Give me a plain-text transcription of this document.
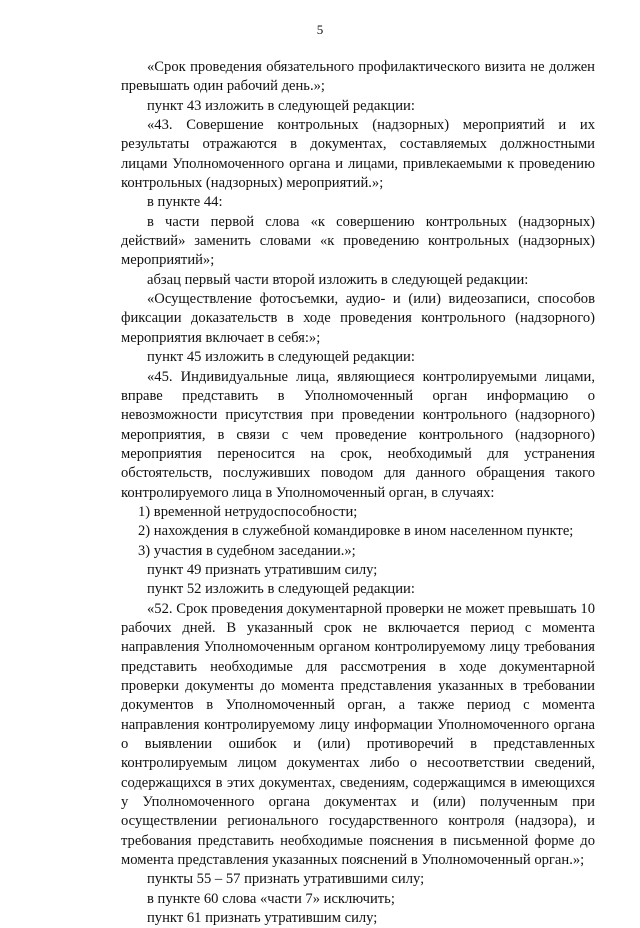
5

«Срок проведения обязательного профилактического визита не должен превышать один рабочий день.»;

пункт 43 изложить в следующей редакции:

«43. Совершение контрольных (надзорных) мероприятий и их результаты отражаются в документах, составляемых должностными лицами Уполномоченного органа и лицами, привлекаемыми к проведению контрольных (надзорных) мероприятий.»;

в пункте 44:

в части первой слова «к совершению контрольных (надзорных) действий» заменить словами «к проведению контрольных (надзорных) мероприятий»;

абзац первый части второй изложить в следующей редакции:

«Осуществление фотосъемки, аудио- и (или) видеозаписи, способов фиксации доказательств в ходе проведения контрольного (надзорного) мероприятия включает в себя:»;

пункт 45 изложить в следующей редакции:

«45. Индивидуальные лица, являющиеся контролируемыми лицами, вправе представить в Уполномоченный орган информацию о невозможности присутствия при проведении контрольного (надзорного) мероприятия, в связи с чем проведение контрольного (надзорного) мероприятия переносится на срок, необходимый для устранения обстоятельств, послуживших поводом для данного обращения такого контролируемого лица в Уполномоченный орган, в случаях:

1) временной нетрудоспособности;

2) нахождения в служебной командировке в ином населенном пункте;

3) участия в судебном заседании.»;

пункт 49 признать утратившим силу;

пункт 52 изложить в следующей редакции:

«52. Срок проведения документарной проверки не может превышать 10 рабочих дней. В указанный срок не включается период с момента направления Уполномоченным органом контролируемому лицу требования представить необходимые для рассмотрения в ходе документарной проверки документы до момента представления указанных в требовании документов в Уполномоченный орган, а также период с момента направления контролируемому лицу информации Уполномоченного органа о выявлении ошибок и (или) противоречий в представленных контролируемым лицом документах либо о несоответствии сведений, содержащихся в этих документах, сведениям, содержащимся в имеющихся у Уполномоченного органа документах и (или) полученным при осуществлении регионального государственного контроля (надзора), и требования представить необходимые пояснения в письменной форме до момента представления указанных пояснений в Уполномоченный орган.»;

пункты 55 – 57 признать утратившими силу;

в пункте 60 слова «части 7» исключить;

пункт 61 признать утратившим силу;
